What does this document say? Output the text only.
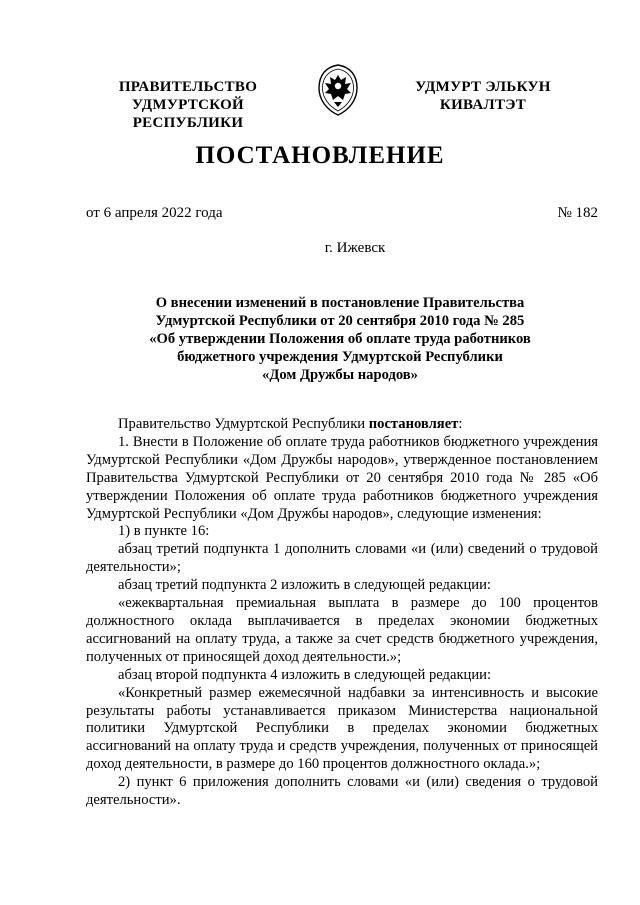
ПРАВИТЕЛЬСТВО
УДМУРТСКОЙ РЕСПУБЛИКИ
УДМУРТ ЭЛЬКУН
КИВАЛТЭТ
ПОСТАНОВЛЕНИЕ
от 6 апреля 2022 года	№ 182
г. Ижевск
О внесении изменений в постановление Правительства
Удмуртской Республики от 20 сентября 2010 года № 285
«Об утверждении Положения об оплате труда работников
бюджетного учреждения Удмуртской Республики
«Дом Дружбы народов»

Правительство Удмуртской Республики постановляет:

1. Внести в Положение об оплате труда работников бюджетного учреждения Удмуртской Республики «Дом Дружбы народов», утвержденное постановлением Правительства Удмуртской Республики от 20 сентября 2010 года № 285 «Об утверждении Положения об оплате труда работников бюджетного учреждения Удмуртской Республики «Дом Дружбы народов», следующие изменения:

1) в пункте 16:

абзац третий подпункта 1 дополнить словами «и (или) сведений о трудовой деятельности»;

абзац третий подпункта 2 изложить в следующей редакции:

«ежеквартальная премиальная выплата в размере до 100 процентов должностного оклада выплачивается в пределах экономии бюджетных ассигнований на оплату труда, а также за счет средств бюджетного учреждения, полученных от приносящей доход деятельности.»;

абзац второй подпункта 4 изложить в следующей редакции:

«Конкретный размер ежемесячной надбавки за интенсивность и высокие результаты работы устанавливается приказом Министерства национальной политики Удмуртской Республики в пределах экономии бюджетных ассигнований на оплату труда и средств учреждения, полученных от приносящей доход деятельности, в размере до 160 процентов должностного оклада.»;

2) пункт 6 приложения дополнить словами «и (или) сведения о трудовой деятельности».
